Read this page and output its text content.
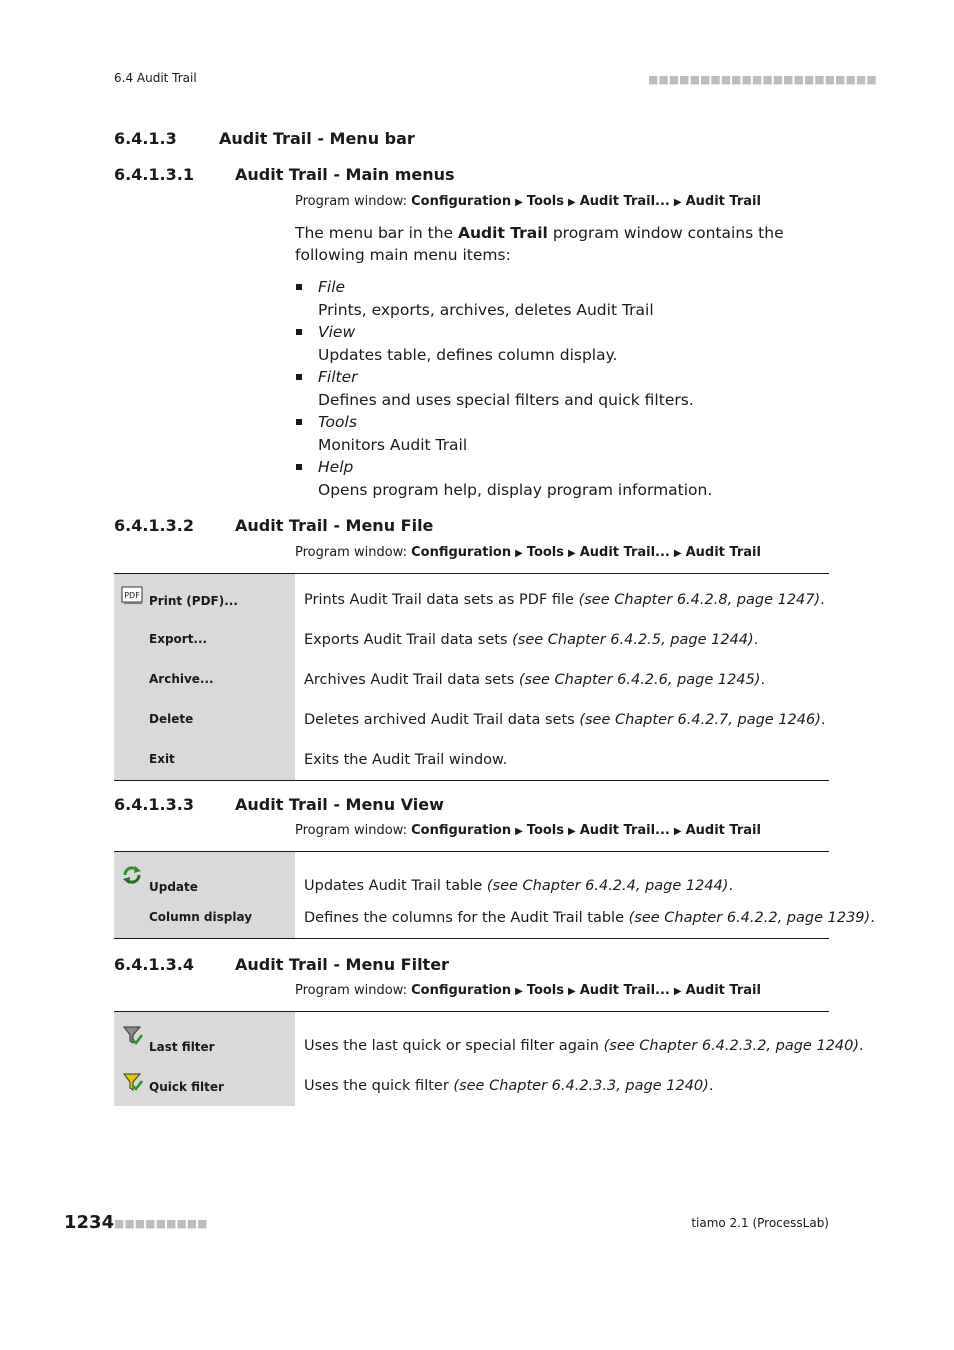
6.4 Audit Trail	■■■■■■■■■■■■■■■■■■■■■■
6.4.1.3	Audit Trail - Menu bar
6.4.1.3.1	Audit Trail - Main menus
Program window: Configuration ▶ Tools ▶ Audit Trail... ▶ Audit Trail
The menu bar in the Audit Trail program window contains the following main menu items:
File
Prints, exports, archives, deletes Audit Trail
View
Updates table, defines column display.
Filter
Defines and uses special filters and quick filters.
Tools
Monitors Audit Trail
Help
Opens program help, display program information.
6.4.1.3.2	Audit Trail - Menu File
Program window: Configuration ▶ Tools ▶ Audit Trail... ▶ Audit Trail
PDF Print (PDF)...	Prints Audit Trail data sets as PDF file (see Chapter 6.4.2.8, page 1247).
Export...	Exports Audit Trail data sets (see Chapter 6.4.2.5, page 1244).
Archive...	Archives Audit Trail data sets (see Chapter 6.4.2.6, page 1245).
Delete	Deletes archived Audit Trail data sets (see Chapter 6.4.2.7, page 1246).
Exit	Exits the Audit Trail window.
6.4.1.3.3	Audit Trail - Menu View
Program window: Configuration ▶ Tools ▶ Audit Trail... ▶ Audit Trail
Update	Updates Audit Trail table (see Chapter 6.4.2.4, page 1244).
Column display	Defines the columns for the Audit Trail table (see Chapter 6.4.2.2, page 1239).
6.4.1.3.4	Audit Trail - Menu Filter
Program window: Configuration ▶ Tools ▶ Audit Trail... ▶ Audit Trail
Last filter	Uses the last quick or special filter again (see Chapter 6.4.2.3.2, page 1240).
Quick filter	Uses the quick filter (see Chapter 6.4.2.3.3, page 1240).
1234 ■■■■■■■■■	tiamo 2.1 (ProcessLab)
